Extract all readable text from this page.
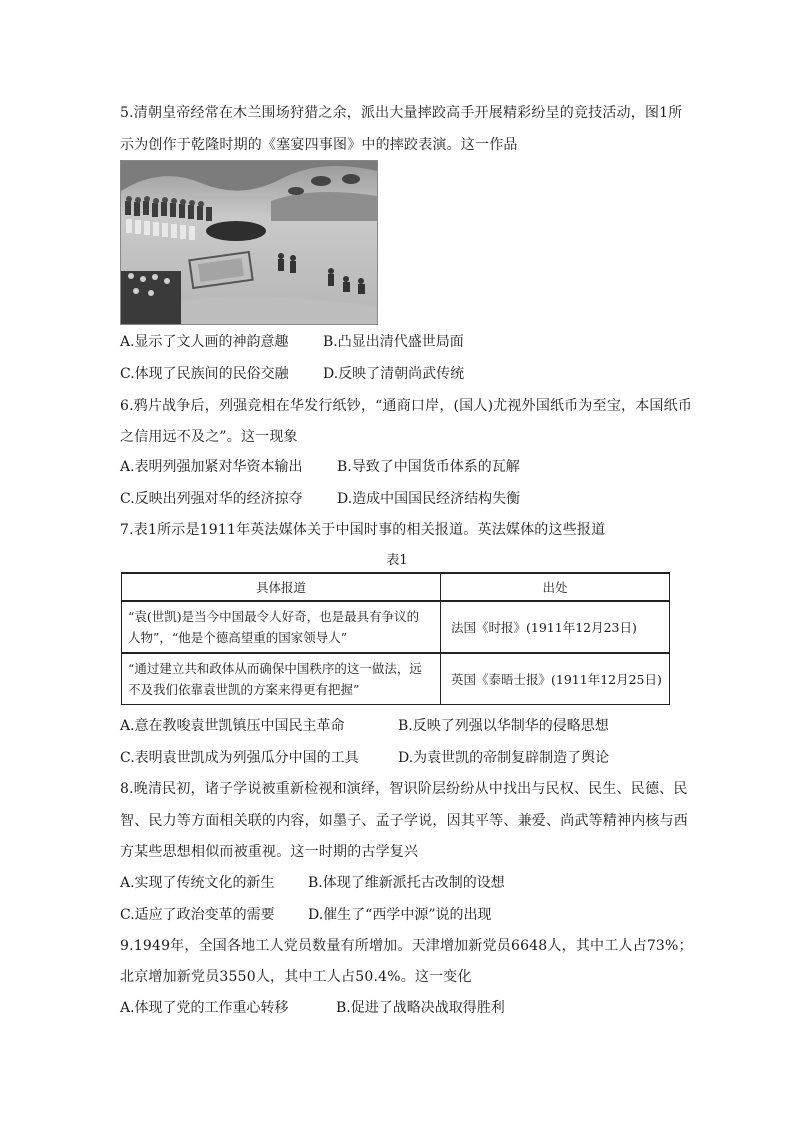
5.清朝皇帝经常在木兰围场狩猎之余，派出大量摔跤高手开展精彩纷呈的竞技活动，图1所
示为创作于乾隆时期的《塞宴四事图》中的摔跤表演。这一作品
A.显示了文人画的神韵意趣 B.凸显出清代盛世局面
C.体现了民族间的民俗交融 D.反映了清朝尚武传统
6.鸦片战争后，列强竞相在华发行纸钞，“通商口岸，(国人)尤视外国纸币为至宝，本国纸币
之信用远不及之”。这一现象
A.表明列强加紧对华资本输出 B.导致了中国货币体系的瓦解
C.反映出列强对华的经济掠夺 D.造成中国国民经济结构失衡
7.表1所示是1911年英法媒体关于中国时事的相关报道。英法媒体的这些报道
表1
具体报道	出处
“袁(世凯)是当今中国最令人好奇，也是最具有争议的
人物”，“他是个德高望重的国家领导人”	法国《时报》(1911年12月23日)
“通过建立共和政体从而确保中国秩序的这一做法，远
不及我们依靠袁世凯的方案来得更有把握”	英国《泰晤士报》(1911年12月25日)
A.意在教唆袁世凯镇压中国民主革命	B.反映了列强以华制华的侵略思想
C.表明袁世凯成为列强瓜分中国的工具	D.为袁世凯的帝制复辟制造了舆论
8.晚清民初，诸子学说被重新检视和演绎，智识阶层纷纷从中找出与民权、民生、民德、民
智、民力等方面相关联的内容，如墨子、孟子学说，因其平等、兼爱、尚武等精神内核与西
方某些思想相似而被重视。这一时期的古学复兴
A.实现了传统文化的新生 B.体现了维新派托古改制的设想
C.适应了政治变革的需要 D.催生了“西学中源”说的出现
9.1949年，全国各地工人党员数量有所增加。天津增加新党员6648人，其中工人占73%；
北京增加新党员3550人，其中工人占50.4%。这一变化
A.体现了党的工作重心转移	B.促进了战略决战取得胜利
